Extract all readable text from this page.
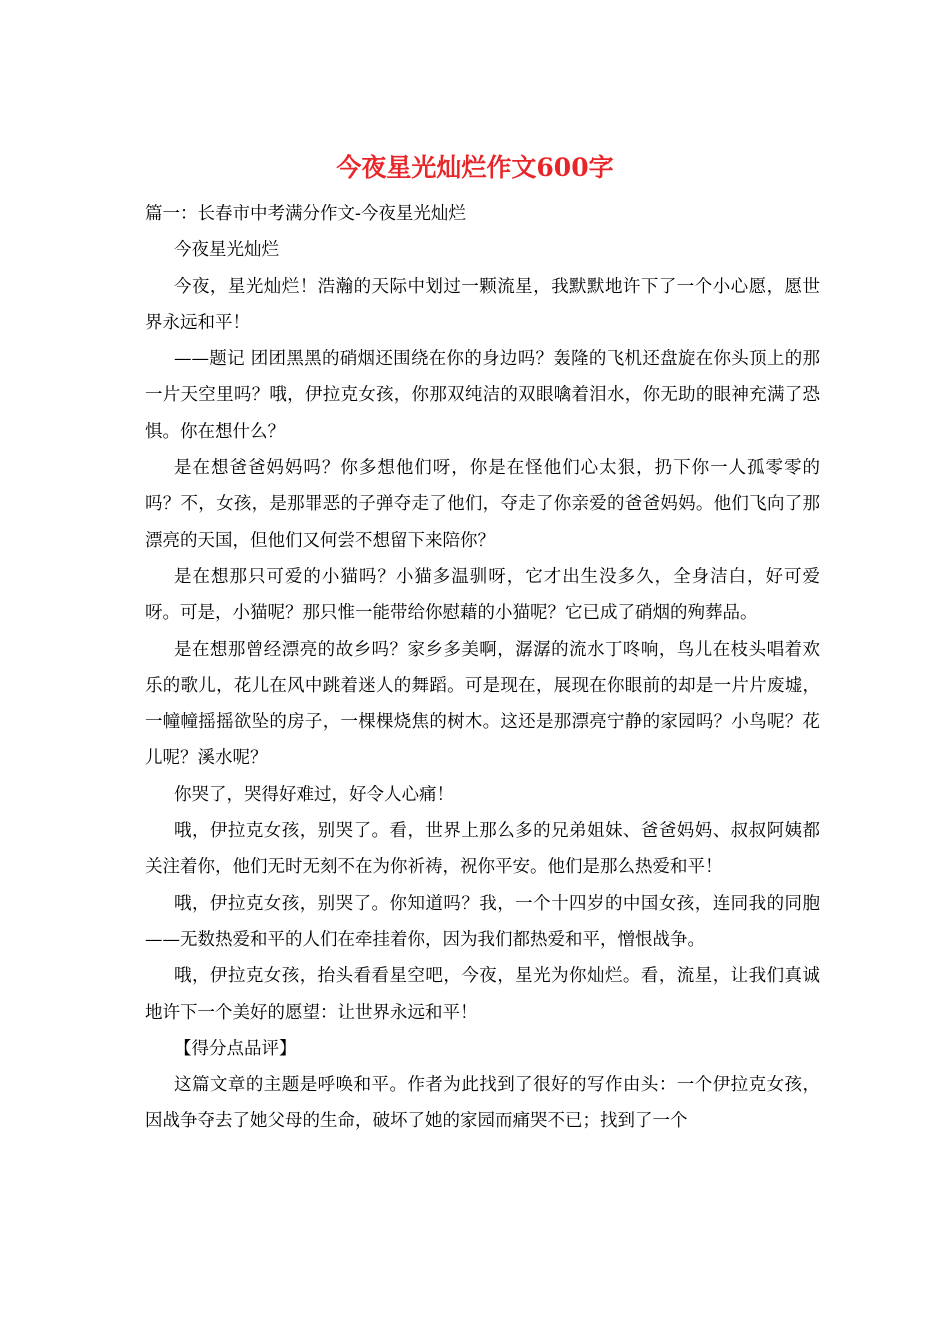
今夜星光灿烂作文600字

篇一：长春市中考满分作文-今夜星光灿烂

今夜星光灿烂

今夜，星光灿烂！浩瀚的天际中划过一颗流星，我默默地许下了一个小心愿，愿世界永远和平！

——题记 团团黑黑的硝烟还围绕在你的身边吗？轰隆的飞机还盘旋在你头顶上的那一片天空里吗？哦，伊拉克女孩，你那双纯洁的双眼噙着泪水，你无助的眼神充满了恐惧。你在想什么？

是在想爸爸妈妈吗？你多想他们呀，你是在怪他们心太狠，扔下你一人孤零零的吗？不，女孩，是那罪恶的子弹夺走了他们，夺走了你亲爱的爸爸妈妈。他们飞向了那漂亮的天国，但他们又何尝不想留下来陪你？

是在想那只可爱的小猫吗？小猫多温驯呀，它才出生没多久，全身洁白，好可爱呀。可是，小猫呢？那只惟一能带给你慰藉的小猫呢？它已成了硝烟的殉葬品。

是在想那曾经漂亮的故乡吗？家乡多美啊，潺潺的流水丁咚响，鸟儿在枝头唱着欢乐的歌儿，花儿在风中跳着迷人的舞蹈。可是现在，展现在你眼前的却是一片片废墟，一幢幢摇摇欲坠的房子，一棵棵烧焦的树木。这还是那漂亮宁静的家园吗？小鸟呢？花儿呢？溪水呢？

你哭了，哭得好难过，好令人心痛！

哦，伊拉克女孩，别哭了。看，世界上那么多的兄弟姐妹、爸爸妈妈、叔叔阿姨都关注着你，他们无时无刻不在为你祈祷，祝你平安。他们是那么热爱和平！

哦，伊拉克女孩，别哭了。你知道吗？我，一个十四岁的中国女孩，连同我的同胞——无数热爱和平的人们在牵挂着你，因为我们都热爱和平，憎恨战争。

哦，伊拉克女孩，抬头看看星空吧，今夜，星光为你灿烂。看，流星，让我们真诚地许下一个美好的愿望：让世界永远和平！

【得分点品评】

这篇文章的主题是呼唤和平。作者为此找到了很好的写作由头：一个伊拉克女孩，因战争夺去了她父母的生命，破坏了她的家园而痛哭不已；找到了一个
